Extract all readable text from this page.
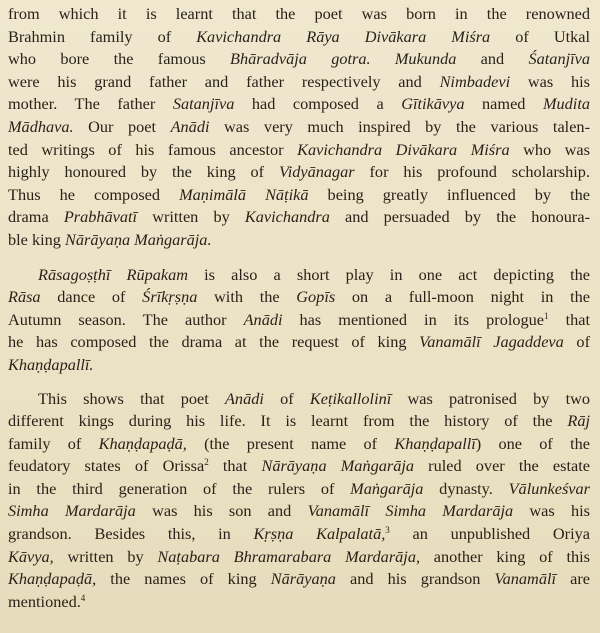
from which it is learnt that the poet was born in the renowned
Brahmin family of Kavichandra Rāya Divākara Miśra of Utkal
who bore the famous Bhāradvāja gotra. Mukunda and Śatanjīva
were his grand father and father respectively and Nimbadevi was his
mother. The father Satanjīva had composed a Gītikāvya named Mudita
Mādhava. Our poet Anādi was very much inspired by the various talen-
ted writings of his famous ancestor Kavichandra Divākara Miśra who was
highly honoured by the king of Vidyānagar for his profound scholarship.
Thus he composed Maṇimālā Nāṭikā being greatly influenced by the
drama Prabhāvatī written by Kavichandra and persuaded by the honoura-
ble king Nārāyaṇa Maṅgarāja.
Rāsagoṣṭhī Rūpakam is also a short play in one act depicting the
Rāsa dance of Śrīkṛṣṇa with the Gopīs on a full-moon night in the
Autumn season. The author Anādi has mentioned in its prologue$^1$ that
he has composed the drama at the request of king Vanamālī Jagaddeva of
Khaṇḍapallī.
This shows that poet Anādi of Keṭikallolinī was patronised by two
different kings during his life. It is learnt from the history of the Rāj
family of Khaṇḍapaḍā, (the present name of Khaṇḍapallī) one of the
feudatory states of Orissa$^2$ that Nārāyaṇa Maṅgarāja ruled over the estate
in the third generation of the rulers of Maṅgarāja dynasty. Vālunkeśvar
Simha Mardarāja was his son and Vanamālī Simha Mardarāja was his
grandson. Besides this, in Kṛṣṇa Kalpalatā,$^3$ an unpublished Oriya
Kāvya, written by Naṭabara Bhramarabara Mardarāja, another king of this
Khaṇḍapaḍā, the names of king Nārāyaṇa and his grandson Vanamālī are
mentioned.$^4$
